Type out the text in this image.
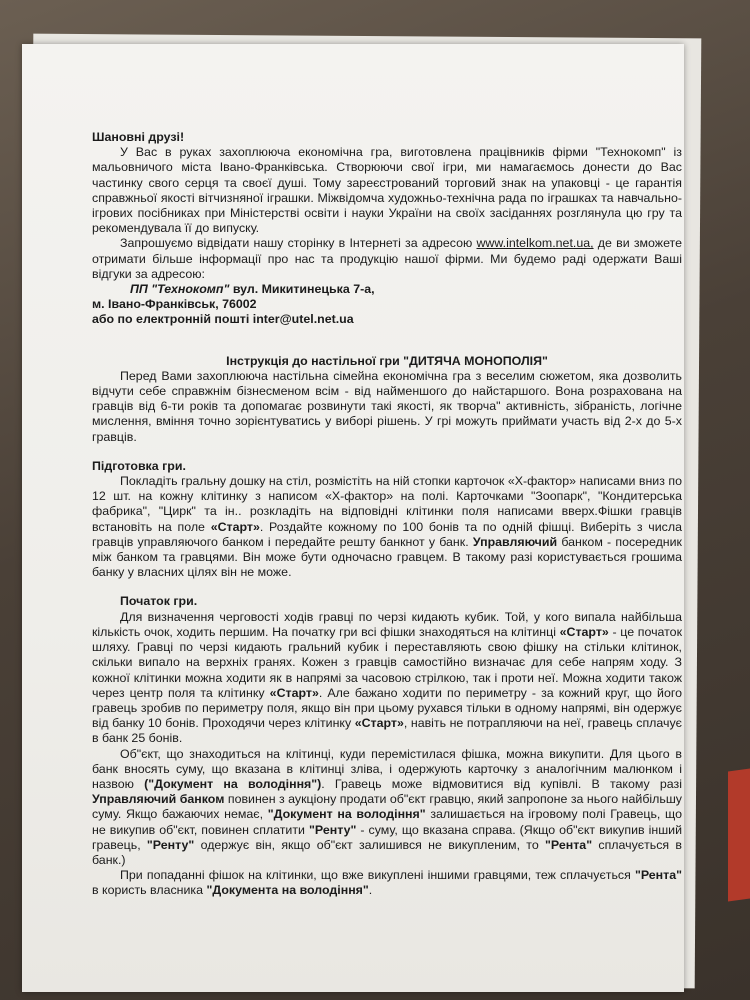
Шановні друзі!

У Вас в руках захоплююча економічна гра, виготовлена працівників фірми "Технокомп" із мальовничого міста Івано-Франківська. Створюючи свої ігри, ми намагаємось донести до Вас частинку свого серця та своєї душі. Тому зареєстрований торговий знак на упаковці - це гарантія справжньої якості вітчизняної іграшки. Міжвідомча художньо-технічна рада по іграшках та навчально-ігрових посібниках при Міністерстві освіти і науки України на своїх засіданнях розглянула цю гру та рекомендувала її до випуску.

Запрошуємо відвідати нашу сторінку в Інтернеті за адресою www.intelkom.net.ua, де ви зможете отримати більше інформації про нас та продукцію нашої фірми. Ми будемо раді одержати Ваші відгуки за адресою:

ПП "Технокомп" вул. Микитинецька 7-а,

м. Івано-Франківськ, 76002

або по електронній пошті inter@utel.net.ua

Інструкція до настільної гри "ДИТЯЧА МОНОПОЛІЯ"

Перед Вами захоплююча настільна сімейна економічна гра з веселим сюжетом, яка дозволить відчути себе справжнім бізнесменом всім - від найменшого до найстаршого. Вона розрахована на гравців від 6-ти років та допомагає розвинути такі якості, як творча" активність, зібраність, логічне мислення, вміння точно зорієнтуватись у виборі рішень. У грі можуть приймати участь від 2-х до 5-х гравців.

Підготовка гри.

Покладіть гральну дошку на стіл, розмістіть на ній стопки карточок «Х-фактор» написами вниз по 12 шт. на кожну клітинку з написом «Х-фактор» на полі. Карточками "Зоопарк", "Кондитерська фабрика", "Цирк" та ін.. розкладіть на відповідні клітинки поля написами вверх.Фішки гравців встановіть на поле «Старт». Роздайте кожному по 100 бонів та по одній фішці. Виберіть з числа гравців управляючого банком і передайте решту банкнот у банк. Управляючий банком - посередник між банком та гравцями. Він може бути одночасно гравцем. В такому разі користувається грошима банку у власних цілях він не може.

Початок гри.

Для визначення черговості ходів гравці по черзі кидають кубик. Той, у кого випала найбільша кількість очок, ходить першим. На початку гри всі фішки знаходяться на клітинці «Старт» - це початок шляху. Гравці по черзі кидають гральний кубик і переставляють свою фішку на стільки клітинок, скільки випало на верхніх гранях. Кожен з гравців самостійно визначає для себе напрям ходу. З кожної клітинки можна ходити як в напрямі за часовою стрілкою, так і проти неї. Можна ходити також через центр поля та клітинку «Старт». Але бажано ходити по периметру - за кожний круг, що його гравець зробив по периметру поля, якщо він при цьому рухався тільки в одному напрямі, він одержує від банку 10 бонів. Проходячи через клітинку «Старт», навіть не потрапляючи на неї, гравець сплачує в банк 25 бонів.

Об"єкт, що знаходиться на клітинці, куди перемістилася фішка, можна викупити. Для цього в банк вносять суму, що вказана в клітинці зліва, і одержують карточку з аналогічним малюнком і назвою ("Документ на володіння"). Гравець може відмовитися від купівлі. В такому разі Управляючий банком повинен з аукціону продати об"єкт гравцю, який запропоне за нього найбільшу суму. Якщо бажаючих немає, "Документ на володіння" залишається на ігровому полі Гравець, що не викупив об"єкт, повинен сплатити "Ренту" - суму, що вказана справа. (Якщо об"єкт викупив інший гравець, "Ренту" одержує він, якщо об"єкт залишився не викупленим, то "Рента" сплачується в банк.)

При попаданні фішок на клітинки, що вже викуплені іншими гравцями, теж сплачується "Рента" в користь власника "Документа на володіння".
